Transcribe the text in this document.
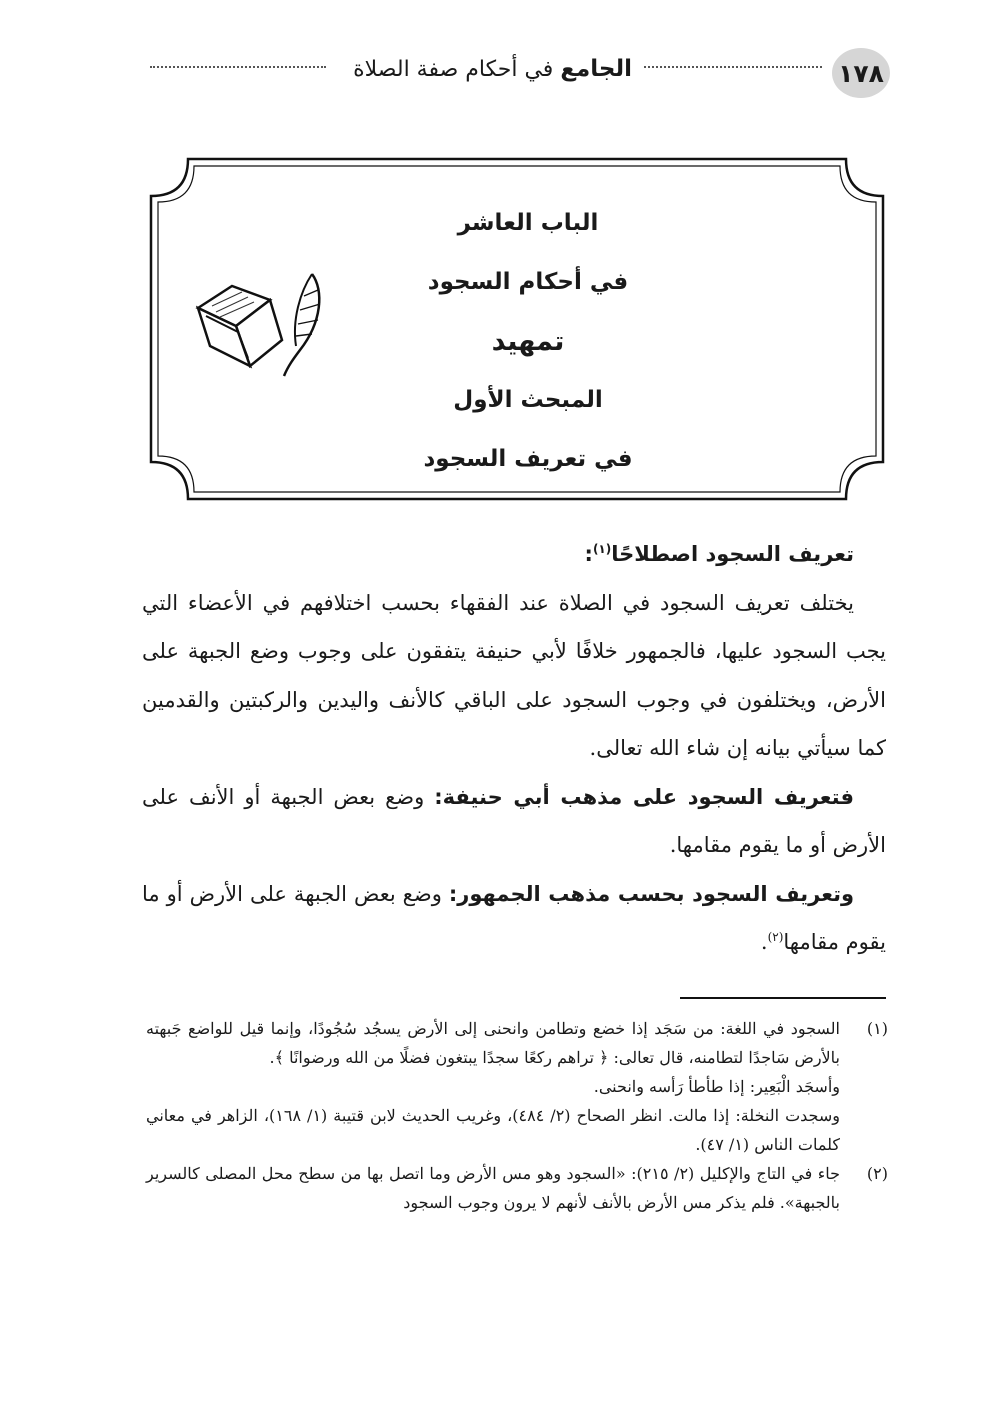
الجامع في أحكام صفة الصلاة	١٧٨
الباب العاشر
في أحكام السجود
تمهيد
المبحث الأول
في تعريف السجود

تعريف السجود اصطلاحًا$^{(١)}$:

يختلف تعريف السجود في الصلاة عند الفقهاء بحسب اختلافهم في الأعضاء التي يجب السجود عليها، فالجمهور خلافًا لأبي حنيفة يتفقون على وجوب وضع الجبهة على الأرض، ويختلفون في وجوب السجود على الباقي كالأنف واليدين والركبتين والقدمين كما سيأتي بيانه إن شاء الله تعالى.

فتعريف السجود على مذهب أبي حنيفة: وضع بعض الجبهة أو الأنف على الأرض أو ما يقوم مقامها.

وتعريف السجود بحسب مذهب الجمهور: وضع بعض الجبهة على الأرض أو ما يقوم مقامها$^{(٢)}$.

(١)

السجود في اللغة: من سَجَد إذا خضع وتطامن وانحنى إلى الأرض يسجُد سُجُودًا، وإنما قيل للواضع جَبهته بالأرض سَاجدًا لتطامنه، قال تعالى: ﴿ تراهم ركعًا سجدًا يبتغون فضلًا من الله ورضوانًا ﴾.

وأسجَد الْبَعِير: إذا طأطأ رَأسه وانحنى.

وسجدت النخلة: إذا مالت. انظر الصحاح (٢/ ٤٨٤)، وغريب الحديث لابن قتيبة (١/ ١٦٨)، الزاهر في معاني كلمات الناس (١/ ٤٧).

(٢)

جاء في التاج والإكليل (٢/ ٢١٥): «السجود وهو مس الأرض وما اتصل بها من سطح محل المصلى كالسرير بالجبهة». فلم يذكر مس الأرض بالأنف لأنهم لا يرون وجوب السجود
